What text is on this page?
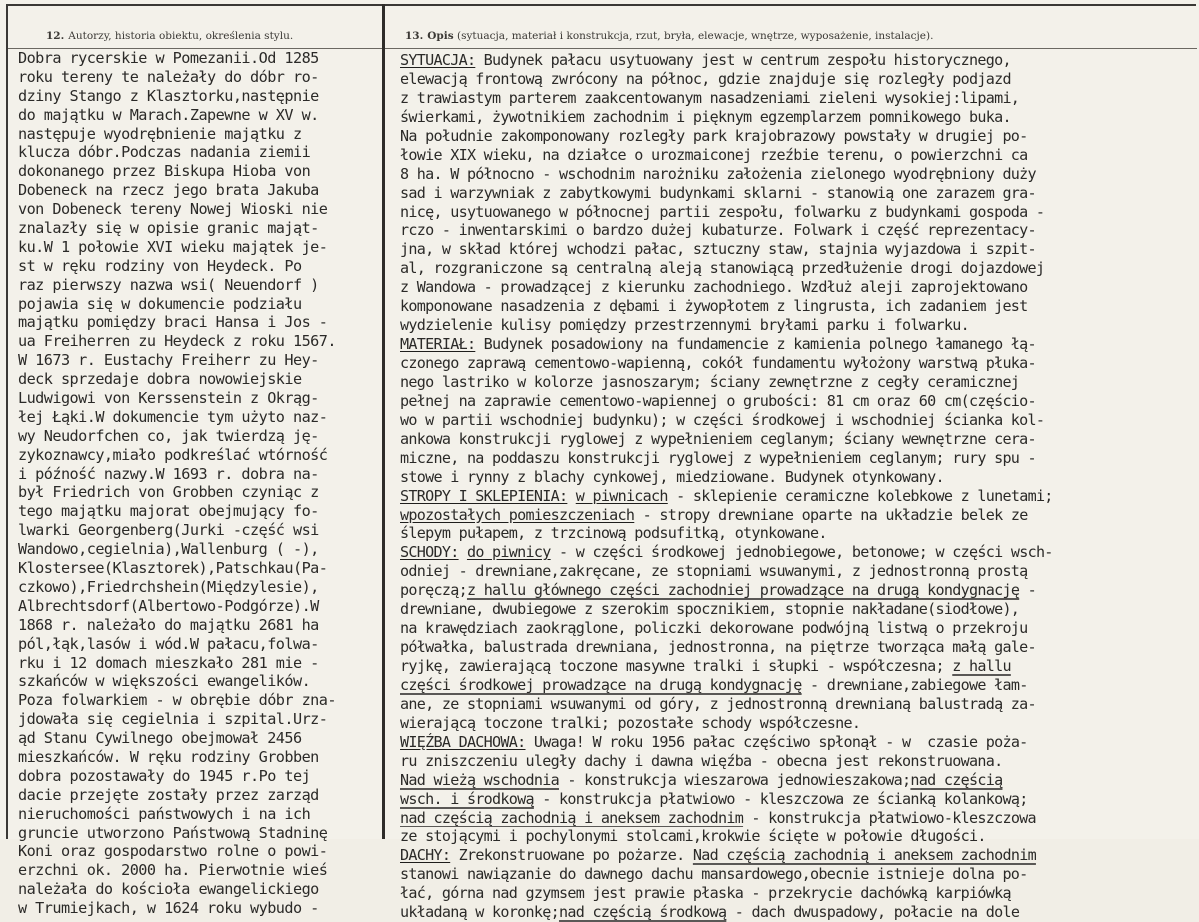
12. Autorzy, historia obiektu, określenia stylu.	13. Opis (sytuacja, materiał i konstrukcja, rzut, bryła, elewacje, wnętrze, wyposażenie, instalacje).
Dobra rycerskie w Pomezanii.Od 1285
roku tereny te należały do dóbr ro-
dziny Stango z Klasztorku,następnie
do majątku w Marach.Zapewne w XV w.
następuje wyodrębnienie majątku z
klucza dóbr.Podczas nadania ziemii
dokonanego przez Biskupa Hioba von
Dobeneck na rzecz jego brata Jakuba
von Dobeneck tereny Nowej Wioski nie
znalazły się w opisie granic mająt-
ku.W 1 połowie XVI wieku majątek je-
st w ręku rodziny von Heydeck. Po
raz pierwszy nazwa wsi( Neuendorf )
pojawia się w dokumencie podziału
majątku pomiędzy braci Hansa i Jos -
ua Freiherren zu Heydeck z roku 1567.
W 1673 r. Eustachy Freiherr zu Hey-
deck sprzedaje dobra nowowiejskie
Ludwigowi von Kerssenstein z Okrąg-
łej Łąki.W dokumencie tym użyto naz-
wy Neudorfchen co, jak twierdzą ję-
zykoznawcy,miało podkreślać wtórność
i późność nazwy.W 1693 r. dobra na-
był Friedrich von Grobben czyniąc z
tego majątku majorat obejmujący fo-
lwarki Georgenberg(Jurki -część wsi
Wandowo,cegielnia),Wallenburg ( -),
Klostersee(Klasztorek),Patschkau(Pa-
czkowo),Friedrchshein(Międzylesie),
Albrechtsdorf(Albertowo-Podgórze).W
1868 r. należało do majątku 2681 ha
pól,łąk,lasów i wód.W pałacu,folwa-
rku i 12 domach mieszkało 281 mie -
szkańców w większości ewangelików.
Poza folwarkiem - w obrębie dóbr zna-
jdowała się cegielnia i szpital.Urz-
ąd Stanu Cywilnego obejmował 2456
mieszkańców. W ręku rodziny Grobben
dobra pozostawały do 1945 r.Po tej
dacie przejęte zostały przez zarząd
nieruchomości państwowych i na ich
gruncie utworzono Państwową Stadninę
Koni oraz gospodarstwo rolne o powi-
erzchni ok. 2000 ha. Pierwotnie wieś
należała do kościoła ewangelickiego
w Trumiejkach, w 1624 roku wybudo -
SYTUACJA: Budynek pałacu usytuowany jest w centrum zespołu historycznego,
elewacją frontową zwrócony na północ, gdzie znajduje się rozległy podjazd
z trawiastym parterem zaakcentowanym nasadzeniami zieleni wysokiej:lipami,
świerkami, żywotnikiem zachodnim i pięknym egzemplarzem pomnikowego buka.
Na południe zakomponowany rozległy park krajobrazowy powstały w drugiej po-
łowie XIX wieku, na działce o urozmaiconej rzeźbie terenu, o powierzchni ca
8 ha. W północno - wschodnim narożniku założenia zielonego wyodrębniony duży
sad i warzywniak z zabytkowymi budynkami sklarni - stanowią one zarazem gra-
nicę, usytuowanego w północnej partii zespołu, folwarku z budynkami gospoda -
rczo - inwentarskimi o bardzo dużej kubaturze. Folwark i część reprezentacy-
jna, w skład której wchodzi pałac, sztuczny staw, stajnia wyjazdowa i szpit-
al, rozgraniczone są centralną aleją stanowiącą przedłużenie drogi dojazdowej
z Wandowa - prowadzącej z kierunku zachodniego. Wzdłuż aleji zaprojektowano
komponowane nasadzenia z dębami i żywopłotem z lingrusta, ich zadaniem jest
wydzielenie kulisy pomiędzy przestrzennymi bryłami parku i folwarku.
MATERIAŁ: Budynek posadowiony na fundamencie z kamienia polnego łamanego łą-
czonego zaprawą cementowo-wapienną, cokół fundamentu wyłożony warstwą płuka-
nego lastriko w kolorze jasnoszarym; ściany zewnętrzne z cegły ceramicznej
pełnej na zaprawie cementowo-wapiennej o grubości: 81 cm oraz 60 cm(częścio-
wo w partii wschodniej budynku); w części środkowej i wschodniej ścianka kol-
ankowa konstrukcji ryglowej z wypełnieniem ceglanym; ściany wewnętrzne cera-
miczne, na poddaszu konstrukcji ryglowej z wypełnieniem ceglanym; rury spu -
stowe i rynny z blachy cynkowej, miedziowane. Budynek otynkowany.
STROPY I SKLEPIENIA: w piwnicach - sklepienie ceramiczne kolebkowe z lunetami;
wpozostałych pomieszczeniach - stropy drewniane oparte na układzie belek ze
ślepym pułapem, z trzcinową podsufitką, otynkowane.
SCHODY: do piwnicy - w części środkowej jednobiegowe, betonowe; w części wsch-
odniej - drewniane,zakręcane, ze stopniami wsuwanymi, z jednostronną prostą
poręczą;z hallu głównego części zachodniej prowadzące na drugą kondygnację -
drewniane, dwubiegowe z szerokim spocznikiem, stopnie nakładane(siodłowe),
na krawędziach zaokrąglone, policzki dekorowane podwójną listwą o przekroju
półwałka, balustrada drewniana, jednostronna, na piętrze tworząca małą gale-
ryjkę, zawierającą toczone masywne tralki i słupki - współczesna; z hallu
części środkowej prowadzące na drugą kondygnację - drewniane,zabiegowe łam-
ane, ze stopniami wsuwanymi od góry, z jednostronną drewnianą balustradą za-
wierającą toczone tralki; pozostałe schody współczesne.
WIĘŹBA DACHOWA: Uwaga! W roku 1956 pałac częściwo spłonął - w  czasie poża-
ru zniszczeniu uległy dachy i dawna więźba - obecna jest rekonstruowana.
Nad wieżą wschodnia - konstrukcja wieszarowa jednowieszakowa;nad częścią
wsch. i środkową - konstrukcja płatwiowo - kleszczowa ze ścianką kolankową;
nad częścią zachodnią i aneksem zachodnim - konstrukcja płatwiowo-kleszczowa
ze stojącymi i pochylonymi stolcami,krokwie ścięte w połowie długości.
DACHY: Zrekonstruowane po pożarze. Nad częścią zachodnią i aneksem zachodnim
stanowi nawiązanie do dawnego dachu mansardowego,obecnie istnieje dolna po-
łać, górna nad gzymsem jest prawie płaska - przekrycie dachówką karpiówką
układaną w koronkę;nad częścią środkową - dach dwuspadowy, połacie na dole
